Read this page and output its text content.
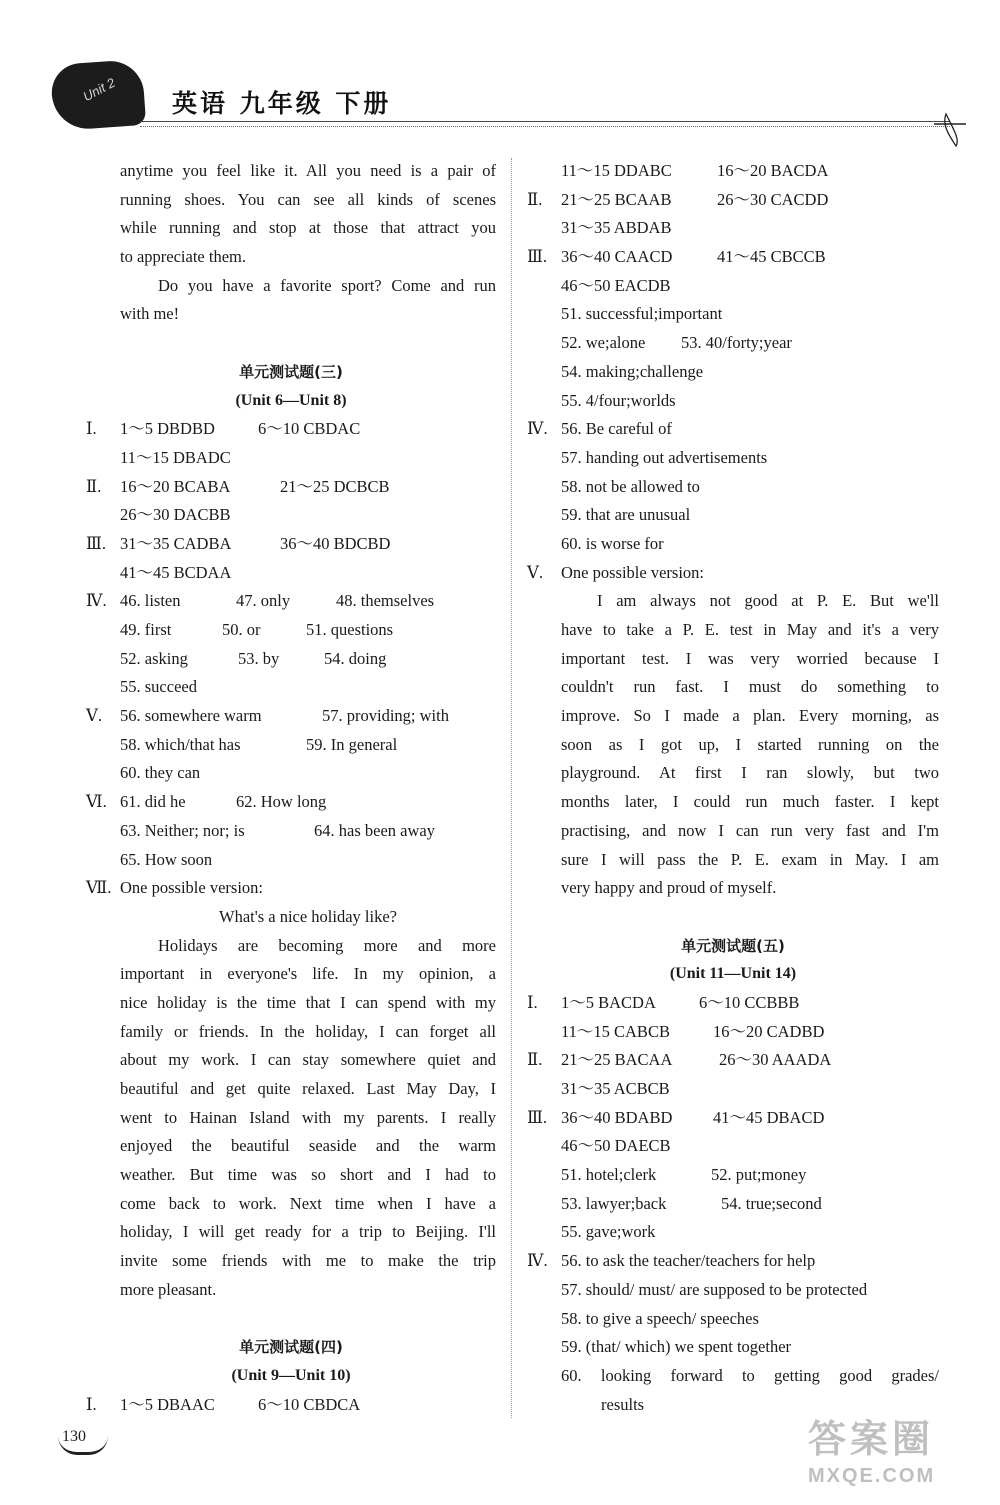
Unit 2 英语 九年级 下册
anytime you feel like it. All you need is a pair of
running shoes. You can see all kinds of scenes
while running and stop at those that attract you
to appreciate them.
Do you have a favorite sport? Come and run
with me!
单元测试题(三)
(Unit 6—Unit 8)
Ⅰ. 1～5 DBDBD	6～10 CBDAC
11～15 DBADC
Ⅱ. 16～20 BCABA	21～25 DCBCB
26～30 DACBB
Ⅲ. 31～35 CADBA	36～40 BDCBD
41～45 BCDAA
Ⅳ. 46. listen	47. only	48. themselves
49. first	50. or	51. questions
52. asking	53. by	54. doing
55. succeed
Ⅴ. 56. somewhere warm	57. providing; with
58. which/that has	59. In general
60. they can
Ⅵ. 61. did he	62. How long
63. Neither; nor; is	64. has been away
65. How soon
Ⅶ. One possible version:
What's a nice holiday like?
Holidays are becoming more and more
important in everyone's life. In my opinion, a
nice holiday is the time that I can spend with my
family or friends. In the holiday, I can forget all
about my work. I can stay somewhere quiet and
beautiful and get quite relaxed. Last May Day, I
went to Hainan Island with my parents. I really
enjoyed the beautiful seaside and the warm
weather. But time was so short and I had to
come back to work. Next time when I have a
holiday, I will get ready for a trip to Beijing. I'll
invite some friends with me to make the trip
more pleasant.
单元测试题(四)
(Unit 9—Unit 10)
Ⅰ. 1～5 DBAAC	6～10 CBDCA
11～15 DDABC	16～20 BACDA
Ⅱ. 21～25 BCAAB	26～30 CACDD
31～35 ABDAB
Ⅲ. 36～40 CAACD	41～45 CBCCB
46～50 EACDB
51. successful;important
52. we;alone 53. 40/forty;year
54. making;challenge
55. 4/four;worlds
Ⅳ. 56. Be careful of
57. handing out advertisements
58. not be allowed to
59. that are unusual
60. is worse for
Ⅴ. One possible version:
I am always not good at P. E. But we'll
have to take a P. E. test in May and it's a very
important test. I was very worried because I
couldn't run fast. I must do something to
improve. So I made a plan. Every morning, as
soon as I got up, I started running on the
playground. At first I ran slowly, but two
months later, I could run much faster. I kept
practising, and now I can run very fast and I'm
sure I will pass the P. E. exam in May. I am
very happy and proud of myself.
单元测试题(五)
(Unit 11—Unit 14)
Ⅰ. 1～5 BACDA	6～10 CCBBB
11～15 CABCB	16～20 CADBD
Ⅱ. 21～25 BACAA	26～30 AAADA
31～35 ACBCB
Ⅲ. 36～40 BDABD 41～45 DBACD
46～50 DAECB
51. hotel;clerk	52. put;money
53. lawyer;back	54. true;second
55. gave;work
Ⅳ. 56. to ask the teacher/teachers for help
57. should/ must/ are supposed to be protected
58. to give a speech/ speeches
59. (that/ which) we spent together
60. looking forward to getting good grades/
results
130	答案圈
MXQE.COM
